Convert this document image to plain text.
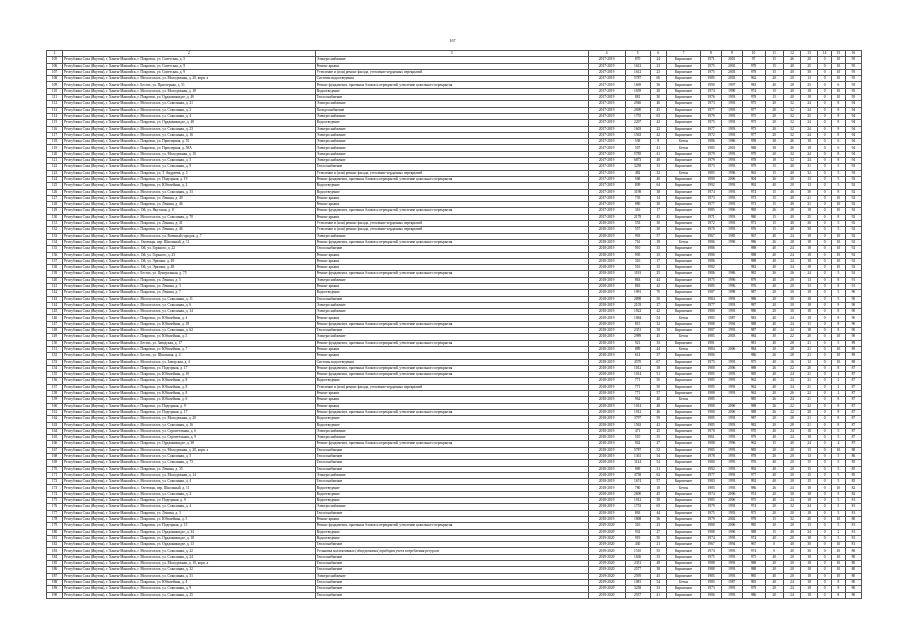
167
1	2	3	4	5	6	7	8	9	10	11	12	13	14	15	16
105	Республика Саха (Якутия), г. Ханты-Мансийск, г. Покровск, ул. Советская, д. 5	Электроснабжение	2017-2019	870	24	Кирпичное	1971	2001	97	15	46	20	0	10	95
106	Республика Саха (Якутия), г. Ханты-Мансийск, г. Покровск, ул. Советская, д. 9	Ремонт крыши	2017-2019	1612	23	Кирпичное	1975	2003	978	15	40	25	0	10	95
107	Республика Саха (Якутия), г. Ханты-Мансийск, г. Покровск, ул. Советская, д. 9	Утепление и (или) ремонт фасада, утепление чердачных перекрытий	2017-2019	1612	23	Кирпичное	1975	2003	978	15	40	30	0	10	95
108	Республика Саха (Якутия), г. Ханты-Мансийск, г. Мохсоголлох, ул. Молодежная, д. 20, корп. а	Системы водоотведения	2017-2019	5787	60	Кирпичное	1985	2003	962	20	20	13	0	10	95
109	Республика Саха (Якутия), г. Ханты-Мансийск, г. Бестях, ул. Приозерная, д. 51	Ремонт фундамента, проемных блоков и перекрытий, утепление цокольного перекрытия	2017-2019	1669	36	Кирпичное	1990	1997	983	40	28	25	0	6	95
110	Республика Саха (Якутия), г. Ханты-Мансийск, г. Мохсоголлох, ул. Молодежная, д. 18	Водоотведение	2017-2019	1659	20	Кирпичное	1974	1990	974	15	40	18	0	10	95
111	Республика Саха (Якутия), г. Ханты-Мансийск, г. Покровск, ул. Орджоникидзе, д. 40	Теплоснабжение	2017-2019	881	30	Кирпичное	1976	1993	978	15	40	18	0	10	95
112	Республика Саха (Якутия), г. Ханты-Мансийск, г. Мохсоголлох, ул. Соколиная, д. 21	Электроснабжение	2017-2019	2946	46	Кирпичное	1973	1993	975	20	32	24	0	8	94
113	Республика Саха (Якутия), г. Ханты-Мансийск, г. Мохсоголлох, ул. Соколиная, д. 2	Холодоснабжение	2017-2019	2690	45	Кирпичное	1977	1993	977	20	32	24	0	8	94
114	Республика Саха (Якутия), г. Ханты-Мансийск, г. Мохсоголлох, ул. Соколиная, д. 4	Электроснабжение	2017-2019	1755	63	Кирпичное	1979	1993	975	20	32	25	0	8	94
115	Республика Саха (Якутия), г. Ханты-Мансийск, г. Покровск, ул. Орджоникидзе, д. 48	Водоотведение	2017-2019	2207	42	Кирпичное	1975	1993	975	20	32	24	0	8	94
116	Республика Саха (Якутия), г. Ханты-Мансийск, г. Мохсоголлох, ул. Соколиная, д. 23	Электроснабжение	2017-2019	1603	23	Кирпичное	1977	1993	975	20	32	24	0	8	94
117	Республика Саха (Якутия), г. Ханты-Мансийск, г. Мохсоголлох, ул. Соколиная, д. 16	Электроснабжение	2017-2019	1563	42	Кирпичное	1972	1993	977	20	32	24	0	8	94
118	Республика Саха (Якутия), г. Ханты-Мансийск, г. Покровск, ул. Приозерная, д. 55	Электроснабжение	2017-2019	538	8	Бетон	1986	1986	958	38	46	18	0	6	94
119	Республика Саха (Якутия), г. Ханты-Мансийск, г. Покровск, ул. Приозерная, д. 58А	Электроснабжение	2017-2019	507	41	Бетон	1985	2001	968	38	46	18	0	6	94
120	Республика Саха (Якутия), г. Ханты-Мансийск, г. Мохсоголлох, ул. Молодежная, д. 10	Электроснабжение	2017-2019	5785	41	Кирпичное	1979	1993	979	20	32	24	0	8	94
121	Республика Саха (Якутия), г. Ханты-Мансийск, г. Мохсоголлох, ул. Соколиная, д. 5	Электроснабжение	2017-2019	6873	48	Кирпичное	1979	1993	978	18	32	24	0	8	94
122	Республика Саха (Якутия), г. Ханты-Мансийск, г. Мохсоголлох, ул. Соколиная, д. 9	Теплоснабжение	2017-2019	3258	33	Кирпичное	1973	1993	979	15	40	31	0	5	93
123	Республика Саха (Якутия), г. Ханты-Мансийск, г. Покровск, ул. Т. Андреева, д. 5	Утепление и (или) ремонт фасада, утепление чердачных перекрытий	2017-2019	482	32	Бетон	1985	1996	963	15	40	32	0	5	93
124	Республика Саха (Якутия), г. Ханты-Мансийск, г. Покровск, ул. Подгорная, д. 19	Ремонт фундамента, проемных блоков и перекрытий, утепление цокольного перекрытия	2017-2019	568	40	Кирпичное	1990	2006	904	26	20	13	0	5	93
125	Республика Саха (Якутия), г. Ханты-Мансийск, г. Покровск, ул. Юбилейная, д. 2	Водоотведение	2017-2019	809	64	Кирпичное	1992	1993	992	40	20	13	0	5	92
126	Республика Саха (Якутия), г. Ханты-Мансийск, г. Мохсоголлох, ул. Соколиная, д. 33	Водоотведение	2017-2019	3198	38	Кирпичное	1974	1993	974	15	46	30	0	8	92
127	Республика Саха (Якутия), г. Ханты-Мансийск, г. Покровск, ул. Ленина, д. 40	Ремонт крыши	2017-2019	735	14	Кирпичное	1973	1993	973	15	40	21	0	10	92
128	Республика Саха (Якутия), г. Ханты-Мансийск, г. Покровск, ул. Ленина, д. 46	Ремонт крыши	2017-2019	880	30	Кирпичное	1977	1993	973	15	40	21	0	10	92
129	Республика Саха (Якутия), г. Ханты-Мансийск, с. Ой, ул. Якутская, д. 8	Ремонт фундамента, проемных блоков и перекрытий, утепление цокольного перекрытия	2017-2019	316	17	Кирпичное	1985	1996	985	26	28	18	0	10	92
130	Республика Саха (Якутия), г. Ханты-Мансийск, г. Мохсоголлох, ул. Соколиная, д. 70	Ремонт крыши	2017-2019	2178	45	Кирпичное	1971	1993	980	15	40	25	0	8	92
131	Республика Саха (Якутия), г. Ханты-Мансийск, г. Покровск, ул. Ленина, д. 41	Утепление и (или) ремонт фасада, утепление чердачных перекрытий	2018-2019	553	30	Кирпичное	1972	1993	973	15	40	30	0	5	92
132	Республика Саха (Якутия), г. Ханты-Мансийск, г. Покровск, ул. Ленина, д. 46	Утепление и (или) ремонт фасада, утепление чердачных перекрытий	2018-2019	557	30	Кирпичное	1970	1993	976	15	40	30	0	5	92
133	Республика Саха (Якутия), г. Ханты-Мансийск, г. Мохсоголлох, ул. Военный городок, д. 7	Электроснабжение	2018-2019	903	57	Кирпичное	1967	1985	967	40	24	18	0	10	92
134	Республика Саха (Якутия), г. Ханты-Мансийск, с. Октемцы, пер. Школьный, д. 11	Ремонт фундамента, проемных блоков и перекрытий, утепление цокольного перекрытия	2018-2019	761	18	Бетон	1986	1996	986	26	28	18	0	10	92
135	Республика Саха (Якутия), г. Ханты-Мансийск, с. Ой, ул. Горького, д. 22	Теплоснабжение	2018-2019	910	35	Кирпичное	1986		988	40	24	18	0	10	92
136	Республика Саха (Якутия), г. Ханты-Мансийск, с. Ой, ул. Горького, д. 23	Ремонт крыши	2018-2019	905	35	Кирпичное	1986		988	40	24	18	0	10	92
137	Республика Саха (Якутия), г. Ханты-Мансийск, с. Ой, ул. Эркээни, д. 49	Ремонт крыши	2018-2019	316	17	Кирпичное	1986		988	40	24	18	0	10	92
138	Республика Саха (Якутия), г. Ханты-Мансийск, с. Ой, ул. Эркээни, д. 48	Ремонт крыши	2018-2019	516	35	Кирпичное	1982		982	40	24	18	0	10	92
139	Республика Саха (Якутия), г. Ханты-Мансийск, г. Бестях, ул. Центральная, д. 75	Ремонт фундамента, проемных блоков и перекрытий, утепление цокольного перекрытия	2018-2019	1193	25	Кирпичное	1986	1986	982	26	26	24	0	5	92
140	Республика Саха (Якутия), г. Ханты-Мансийск, г. Покровск, ул. Ленина, д. 5	Электроснабжение	2018-2019	863	44	Кирпичное	1975	1996	979	40	20	13	0	8	91
141	Республика Саха (Якутия), г. Ханты-Мансийск, г. Покровск, ул. Ленина, д. 3	Ремонт крыши	2018-2019	863	42	Кирпичное	1985	1996	976	40	20	13	0	8	91
142	Республика Саха (Якутия), г. Ханты-Мансийск, г. Покровск, ул. Ленина, д. 7	Водоотведение	2018-2019	1991	70	Кирпичное	1987	1998	987	20	30	18	0	5	90
143	Республика Саха (Якутия), г. Ханты-Мансийск, г. Мохсоголлох, ул. Соколиная, д. 11	Теплоснабжение	2018-2019	2898	50	Кирпичное	1984	1993	986	20	30	18	0	5	90
144	Республика Саха (Якутия), г. Ханты-Мансийск, г. Мохсоголлох, ул. Соколиная, д. 6	Электроснабжение	2018-2019	2103	27	Кирпичное	1977	1993	987	20	30	18	0	8	90
145	Республика Саха (Якутия), г. Ханты-Мансийск, г. Мохсоголлох, ул. Соколиная, д. 14	Электроснабжение	2018-2019	1922	42	Кирпичное	1980	1993	980	20	30	18	0	8	90
146	Республика Саха (Якутия), г. Ханты-Мансийск, г. Покровск, ул. Юбилейная, д. 4	Ремонт крыши	2018-2019	1084	54	Бетон	1985	1987	983	40	24	18	0	8	90
147	Республика Саха (Якутия), г. Ханты-Мансийск, г. Покровск, ул. Юбилейная, д. 18	Ремонт фундамента, проемных блоков и перекрытий, утепление цокольного перекрытия	2018-2019	815	32	Кирпичное	1988	1994	988	40	24	11	0	8	90
148	Республика Саха (Якутия), г. Ханты-Мансийск, г. Мохсоголлох, ул. Соколиная, д. 62	Теплоснабжение	2018-2019	2351	38	Кирпичное	1987	1993	987	40	24	18	0	8	90
149	Республика Саха (Якутия), г. Ханты-Мансийск, г. Покровск, ул. Юбилейная, д. 5	Электроснабжение	2018-2019	2989	45	Бетон	1985	2003	984	30	22	20	0	10	90
150	Республика Саха (Якутия), г. Ханты-Мансийск, г. Бестях, ул. Заводская, д. 17	Ремонт фундамента, проемных блоков и перекрытий, утепление цокольного перекрытия	2018-2019	921	35	Кирпичное	1981		981	40	28	21	0	5	89
151	Республика Саха (Якутия), г. Ханты-Мансийск, г. Покровск, ул. Юбилейная, д. 7	Ремонт крыши	2018-2019	889	44	Бетон	1984	2006	984	20	28	21	0	10	89
152	Республика Саха (Якутия), г. Ханты-Мансийск, г. Бестях, ул. Школьная, д. 4	Ремонт крыши	2018-2019	614	37	Кирпичное	1986		986	26	28	21	0	10	89
153	Республика Саха (Якутия), г. Ханты-Мансийск, г. Мохсоголлох, ул. Заводская, д. 4	Системы водоотведения	2018-2019	4570	67	Кирпичное	1975	1993	975	40	16	12	0	10	88
154	Республика Саха (Якутия), г. Ханты-Мансийск, г. Покровск, ул. Подгорная, д. 17	Ремонт фундамента, проемных блоков и перекрытий, утепление цокольного перекрытия	2018-2019	1012	38	Кирпичное	1980	2006	988	26	22	20	0	8	87
155	Республика Саха (Якутия), г. Ханты-Мансийск, г. Покровск, ул. Юбилейная, д. 10	Ремонт фундамента, проемных блоков и перекрытий, утепление цокольного перекрытия	2018-2019	1014	51	Кирпичное	1985	1993	985	40	24	21	0	2	87
156	Республика Саха (Якутия), г. Ханты-Мансийск, г. Покровск, ул. Юбилейная, д. 8	Водоотведение	2018-2019	771	50	Кирпичное	1985	1993	962	40	24	21	0	2	87
157	Республика Саха (Якутия), г. Ханты-Мансийск, г. Покровск, ул. Юбилейная, д. 8	Утепление и (или) ремонт фасада, утепление чердачных перекрытий	2018-2019	771	50	Кирпичное	1985	1993	962	40	24	21	0	2	87
158	Республика Саха (Якутия), г. Ханты-Мансийск, г. Покровск, ул. Юбилейная, д. 8	Ремонт крыши	2018-2019	771	57	Кирпичное	1988	1993	962	20	26	22	0	2	87
159	Республика Саха (Якутия), г. Ханты-Мансийск, г. Покровск, ул. Юбилейная, д. 6	Ремонт крыши	2018-2019	962	40	Бетон	1985		985	26	24	21	0	8	87
160	Республика Саха (Якутия), г. Ханты-Мансийск, г. Покровск, ул. Подгорная, д. 9	Ремонт крыши	2018-2019	1014	48	Кирпичное	1980	2006	988	26	22	22	0	8	87
161	Республика Саха (Якутия), г. Ханты-Мансийск, г. Покровск, ул. Подгорная, д. 17	Ремонт фундамента, проемных блоков и перекрытий, утепление цокольного перекрытия	2018-2019	1012	46	Кирпичное	1980	2006	988	26	22	20	0	8	87
162	Республика Саха (Якутия), г. Ханты-Мансийск, г. Мохсоголлох, ул. Молодежная, д. 20	Водоотведение	2018-2019	3797	59	Кирпичное	1985	1993	987	20	28	21	0	8	87
163	Республика Саха (Якутия), г. Ханты-Мансийск, г. Мохсоголлох, ул. Соколиная, д. 16	Водоотведение	2018-2019	1563	42	Кирпичное	1985	1993	982	20	28	21	0	8	87
164	Республика Саха (Якутия), г. Ханты-Мансийск, г. Мохсоголлох, ул. Строительная, д. 6	Электроснабжение	2018-2019	471	25	Кирпичное	1970	1993	970	40	24	18	0	5	87
165	Республика Саха (Якутия), г. Ханты-Мансийск, г. Мохсоголлох, ул. Строительная, д. 9	Электроснабжение	2018-2019	510	35	Кирпичное	1961	1993	979	40	24	18	0	5	87
166	Республика Саха (Якутия), г. Ханты-Мансийск, г. Покровск, ул. Орджоникидзе, д. 38	Ремонт фундамента, проемных блоков и перекрытий, утепление цокольного перекрытия	2018-2019	942	27	Кирпичное	1988	1996	962	15	40	24	0	2	87
167	Республика Саха (Якутия), г. Ханты-Мансийск, г. Мохсоголлох, ул. Молодежная, д. 20, корп. а	Теплоснабжение	2018-2019	5787	52	Кирпичное	1985	1993	985	20	20	13	0	10	88
168	Республика Саха (Якутия), г. Ханты-Мансийск, г. Мохсоголлох, ул. Соколиная, д. 5	Теплоснабжение	2018-2019	1361	54	Кирпичное	1978	1993	978	20	20	13	0	5	86
169	Республика Саха (Якутия), г. Ханты-Мансийск, г. Мохсоголлох, ул. Соколиная, д. 73	Теплоснабжение	2018-2019	1124	54	Кирпичное	1980	1995	976	40	20	15	0	5	85
170	Республика Саха (Якутия), г. Ханты-Мансийск, г. Покровск, ул. Ленина, д. 35	Теплоснабжение	2018-2019	869	31	Кирпичное	1992	1993	992	40	20	15	0	5	85
171	Республика Саха (Якутия), г. Ханты-Мансийск, г. Мохсоголлох, ул. Молодежная, д. 14	Электроснабжение	2018-2019	4758	62	Кирпичное	1977	1993	977	40	20	15	0	5	85
172	Республика Саха (Якутия), г. Ханты-Мансийск, г. Мохсоголлох, ул. Соколиная, д. 4	Теплоснабжение	2018-2019	1674	57	Кирпичное	1983	1993	992	40	20	15	0	5	85
173	Республика Саха (Якутия), г. Ханты-Мансийск, с. Октемцы, пер. Школьный, д. 11	Водоотведение	2018-2019	780	18	Бетон	1985	1993	986	26	24	18	0	10	82
174	Республика Саха (Якутия), г. Ханты-Мансийск, г. Мохсоголлох, ул. Соколиная, д. 2	Водоотведение	2018-2019	2690	45	Кирпичное	1974	2006	974	20	30	18	0	5	82
175	Республика Саха (Якутия), г. Ханты-Мансийск, г. Покровск, ул. Подгорная, д. 9	Водоотведение	2018-2019	1012	38	Кирпичное	1985	2006	975	40	24	18	0	5	81
176	Республика Саха (Якутия), г. Ханты-Мансийск, г. Мохсоголлох, ул. Соколиная, д. 4	Электроснабжение	2018-2019	1753	65	Кирпичное	1979	1993	974	20	32	24	0	5	81
177	Республика Саха (Якутия), г. Ханты-Мансийск, г. Покровск, ул. Ленина, д. 3	Теплоснабжение	2018-2019	863	44	Кирпичное	1975	1993	975	20	20	18	0	5	81
178	Республика Саха (Якутия), г. Ханты-Мансийск, г. Покровск, ул. Юбилейная, д. 5	Ремонт крыши	2018-2019	1808	36	Кирпичное	1979	2002	978	15	32	20	0	10	80
179	Республика Саха (Якутия), г. Ханты-Мансийск, г. Покровск, ул. Подгорная, д. 15	Ремонт фундамента, проемных блоков и перекрытий, утепление цокольного перекрытия	2019-2020	316	23	Кирпичное	1980	2006	985	20	20	13	0	5	81
180	Республика Саха (Якутия), г. Ханты-Мансийск, г. Покровск, ул. Орджоникидзе, д. 34	Водоотведение	2019-2020	932	27	Кирпичное	1988	1996	988	15	40	24	0	2	81
181	Республика Саха (Якутия), г. Ханты-Мансийск, г. Покровск, ул. Орджоникидзе, д. 18	Водоотведение	2019-2020	919	50	Кирпичное	1974	1993	974	40	20	18	0	5	81
182	Республика Саха (Якутия), г. Ханты-Мансийск, г. Покровск, ул. Орджоникидзе, д. 13	Теплоснабжение	2019-2020	430	21	Кирпичное	1967	1994	967	0	40	30	0	10	81
183	Республика Саха (Якутия), г. Ханты-Мансийск, г. Мохсоголлох, ул. Соколиная, д. 22	Установка коллективных (общедомовых) приборов учета потребления ресурсов	2019-2020	1510	55	Кирпичное	1974	1993	974	0	40	30	0	10	80
184	Республика Саха (Якутия), г. Ханты-Мансийск, г. Мохсоголлох, ул. Соколиная, д. 24	Теплоснабжение	2019-2020	1636	33	Кирпичное	1975	1993	975	40	20	18	0	10	80
185	Республика Саха (Якутия), г. Ханты-Мансийск, г. Мохсоголлох, ул. Молодежная, д. 10, корп. а	Теплоснабжение	2019-2020	2351	48	Кирпичное	1988	1993	988	20	20	18	0	10	80
186	Республика Саха (Якутия), г. Ханты-Мансийск, г. Мохсоголлох, ул. Соколиная, д. 32	Теплоснабжение	2019-2020	2577	38	Кирпичное	1988	1993	988	20	20	18	0	10	80
187	Республика Саха (Якутия), г. Ханты-Мансийск, г. Мохсоголлох, ул. Соколиная, д. 31	Электроснабжение	2019-2020	2595	45	Кирпичное	1985	1993	985	40	20	18	0	10	80
188	Республика Саха (Якутия), г. Ханты-Мансийск, г. Покровск, ул. Юбилейная, д. 4	Теплоснабжение	2019-2020	1081	54	Бетон	1985	1987	983	40	24	18	0	8	80
189	Республика Саха (Якутия), г. Ханты-Мансийск, г. Мохсоголлох, ул. Соколиная, д. 9	Теплоснабжение	2019-2020	3258	33	Кирпичное	1973	1993	979	20	24	18	0	8	80
190	Республика Саха (Якутия), г. Ханты-Мансийск, г. Мохсоголлох, ул. Соколиная, д. 25	Теплоснабжение	2019-2020	2537	41	Кирпичное	1986	1993	986	20	24	18	0	8	80
